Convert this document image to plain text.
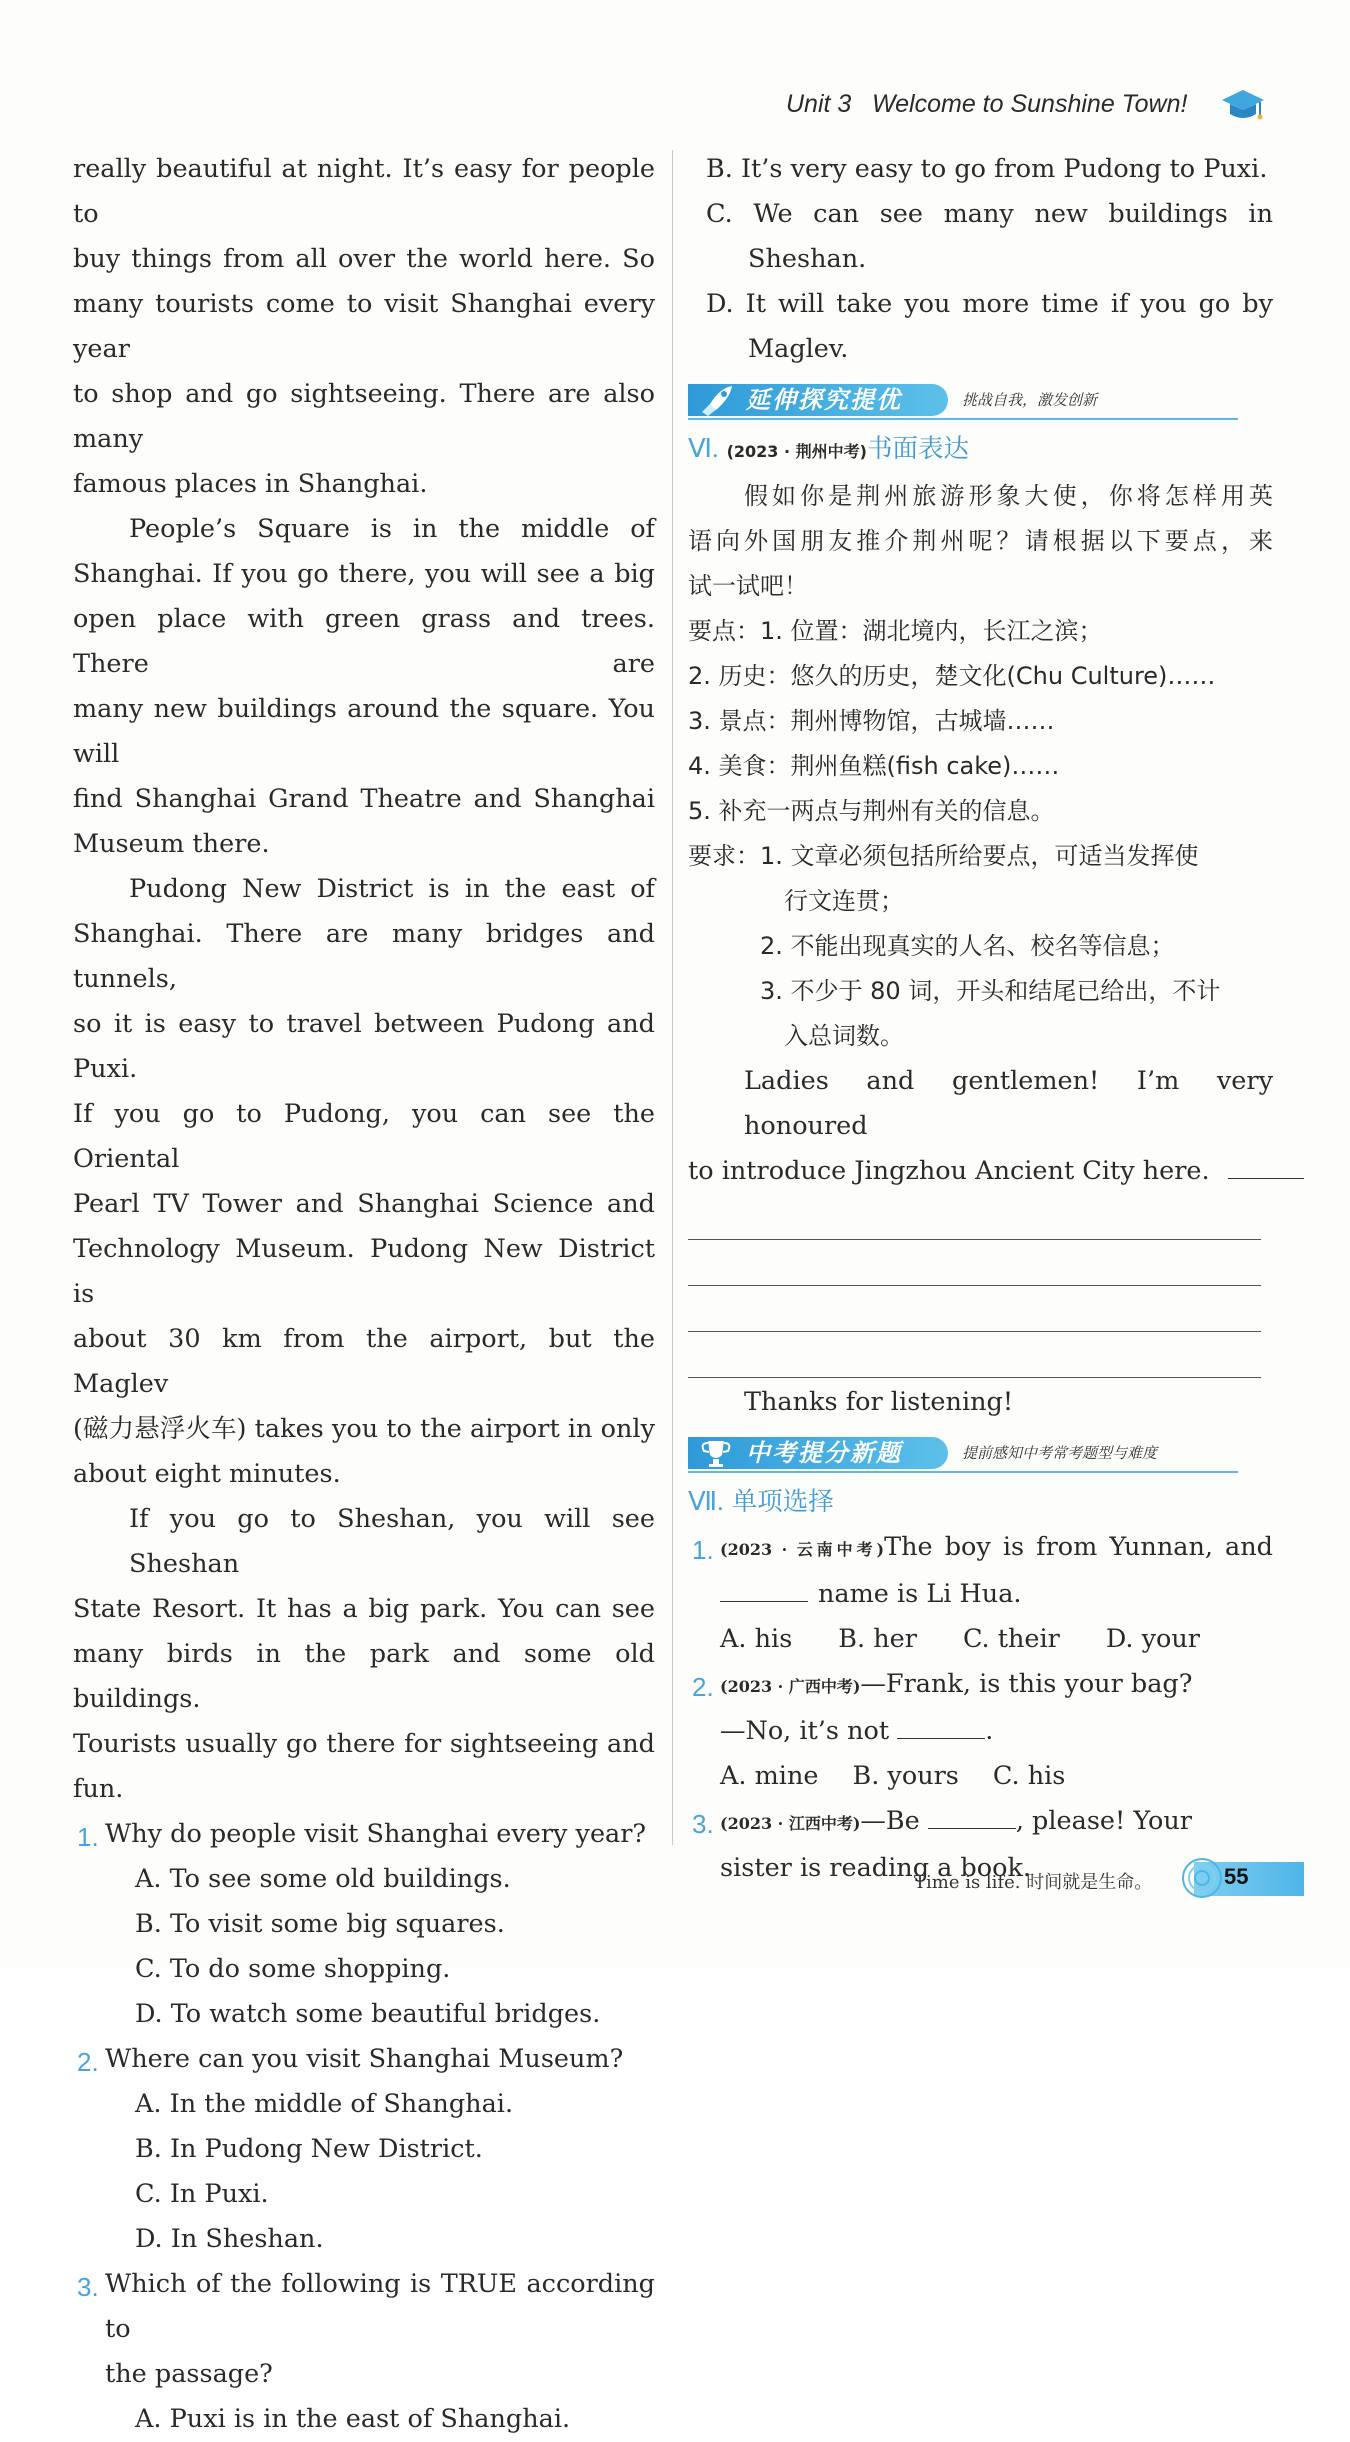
Unit 3 Welcome to Sunshine Town!
really beautiful at night. It’s easy for people to
buy things from all over the world here. So
many tourists come to visit Shanghai every year
to shop and go sightseeing. There are also many
famous places in Shanghai.
People’s Square is in the middle of
Shanghai. If you go there, you will see a big
open place with green grass and trees. There are
many new buildings around the square. You will
find Shanghai Grand Theatre and Shanghai
Museum there.
Pudong New District is in the east of
Shanghai. There are many bridges and tunnels,
so it is easy to travel between Pudong and Puxi.
If you go to Pudong, you can see the Oriental
Pearl TV Tower and Shanghai Science and
Technology Museum. Pudong New District is
about 30 km from the airport, but the Maglev
(磁力悬浮火车) takes you to the airport in only
about eight minutes.
If you go to Sheshan, you will see Sheshan
State Resort. It has a big park. You can see
many birds in the park and some old buildings.
Tourists usually go there for sightseeing and
fun.
1. Why do people visit Shanghai every year?
A. To see some old buildings.
B. To visit some big squares.
C. To do some shopping.
D. To watch some beautiful bridges.
2. Where can you visit Shanghai Museum?
A. In the middle of Shanghai.
B. In Pudong New District.
C. In Puxi.
D. In Sheshan.
3. Which of the following is TRUE according to
the passage?
A. Puxi is in the east of Shanghai.
B. It’s very easy to go from Pudong to Puxi.
C. We can see many new buildings in
Sheshan.
D. It will take you more time if you go by
Maglev.
延伸探究提优	挑战自我，激发创新
Ⅵ. (2023 · 荆州中考)书面表达
假如你是荆州旅游形象大使，你将怎样用英
语向外国朋友推介荆州呢？请根据以下要点，来
试一试吧！
要点：1. 位置：湖北境内，长江之滨；
2. 历史：悠久的历史，楚文化(Chu Culture)……
3. 景点：荆州博物馆，古城墙……
4. 美食：荆州鱼糕(fish cake)……
5. 补充一两点与荆州有关的信息。
要求： 1. 文章必须包括所给要点，可适当发挥使
行文连贯；
2. 不能出现真实的人名、校名等信息；
3. 不少于 80 词，开头和结尾已给出，不计
入总词数。
Ladies and gentlemen! I’m very honoured
to introduce Jingzhou Ancient City here.
Thanks for listening!
中考提分新题	提前感知中考常考题型与难度
Ⅶ. 单项选择
1. (2023 · 云南中考)The boy is from Yunnan, and
name is Li Hua.
A. his B. her C. their D. your
2. (2023 · 广西中考)—Frank, is this your bag?
—No, it’s not	.
A. mine B. yours C. his
3. (2023 · 江西中考)—Be	, please! Your
sister is reading a book.
Time is life. 时间就是生命。	55
